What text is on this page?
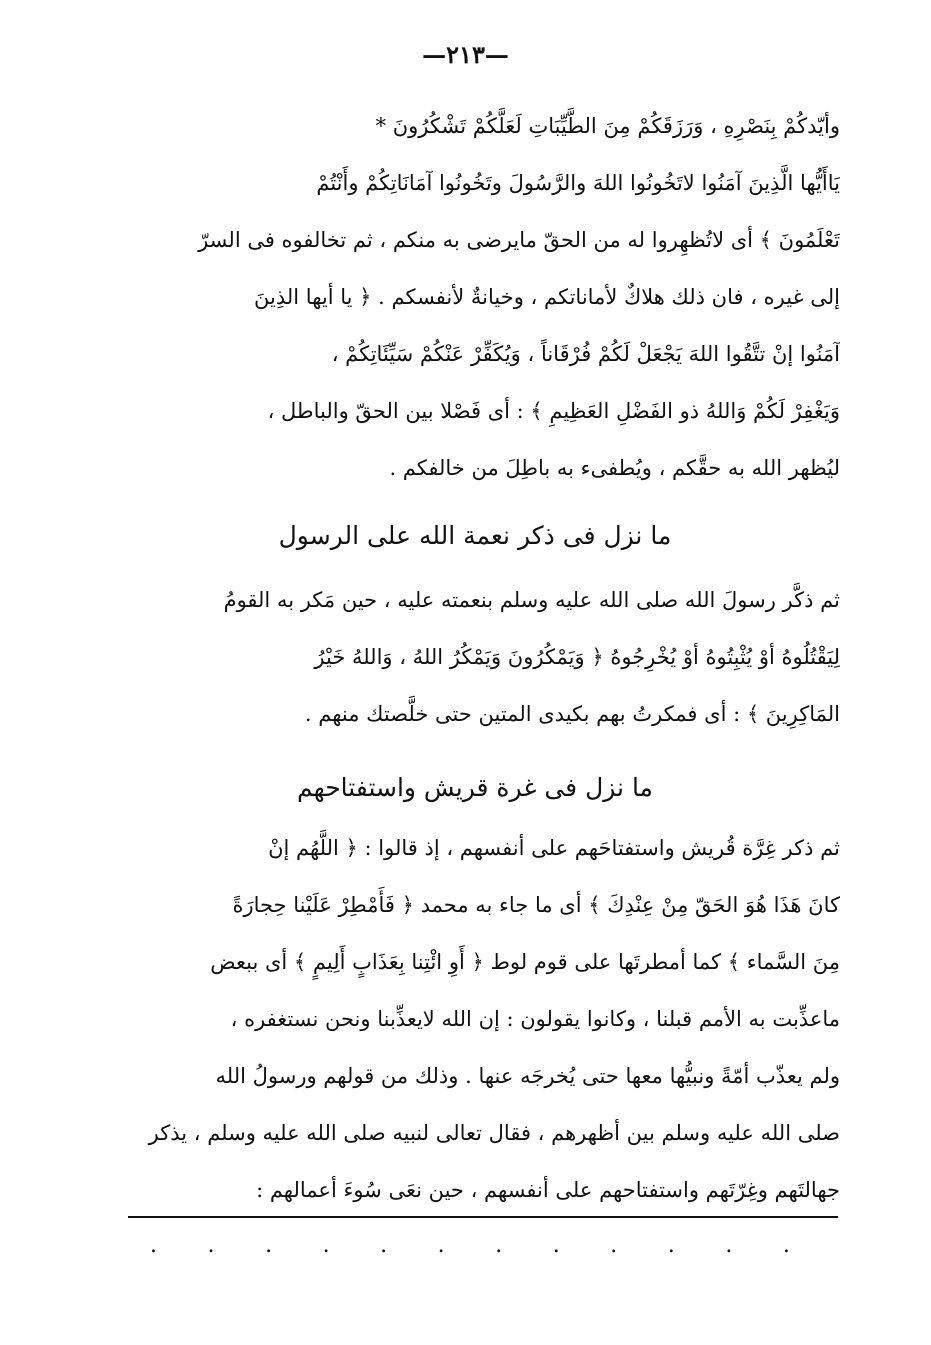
—٢١٣—
وأيّدكُمْ بِنَصْرِهِ ، وَرَزَقَكُمْ مِنَ الطَّيِّبَاتِ لَعَلَّكُمْ تَشْكُرُونَ *
يَاأَيُّها الَّذِينَ آمَنُوا لاتَخُونُوا اللهَ والرَّسُولَ وتَخُونُوا آمَانَاتِكُمْ وأَنْتُمْ
تَعْلَمُونَ ﴾ أى لاتُظهِروا له من الحقّ مايرضى به منكم ، ثم تخالفوه فى السرّ
إلى غيره ، فان ذلك هلاكٌ لأماناتكم ، وخيانةٌ لأنفسكم . ﴿ يا أيها الذِينَ
آمَنُوا إنْ تتَّقُوا اللهَ يَجْعَلْ لَكُمْ فُرْقَاناً ، وَيُكَفِّرْ عَنْكُمْ سَيِّئَاتِكُمْ ،
وَيَغْفِرْ لَكُمْ وَاللهُ ذو الفَضْلِ العَظِيمِ ﴾ : أى فَصْلا بين الحقّ والباطل ،
ليُظهر الله به حقَّكم ، ويُطفىء به باطِلَ من خالفكم .
ما نزل فى ذكر نعمة الله على الرسول
ثم ذكَّر رسولَ الله صلى الله عليه وسلم بنعمته عليه ، حين مَكر به القومُ
لِيَقْتُلُوهُ أوْ يُثْبِتُوهُ أوْ يُخْرِجُوهُ ﴿ وَيَمْكُرُونَ وَيَمْكُرُ اللهُ ، وَاللهُ خَيْرُ
المَاكِرِينَ ﴾ : أى فمكرتُ بهم بكيدى المتين حتى خلَّصتك منهم .
ما نزل فى غرة قريش واستفتاحهم
ثم ذكر غِرَّة قُريش واستفتاحَهم على أنفسهم ، إذ قالوا : ﴿ اللَّهُم إنْ
كانَ هَذَا هُوَ الحَقّ مِنْ عِنْدِكَ ﴾ أى ما جاء به محمد ﴿ فَأَمْطِرْ عَلَيْنا حِجارَةً
مِنَ السَّماء ﴾ كما أمطرتَها على قوم لوط ﴿ أَوِ ائْتِنا بِعَذَابٍ أَلِيمٍ ﴾ أى ببعض
ماعذِّبت به الأمم قبلنا ، وكانوا يقولون : إن الله لايعذِّبنا ونحن نستغفره ،
ولم يعذّب أمّةً ونبيُّها معها حتى يُخرجَه عنها . وذلك من قولهم ورسولُ الله
صلى الله عليه وسلم بين أظهرهم ، فقال تعالى لنبيه صلى الله عليه وسلم ، يذكر
جهالتَهم وغِرّتَهم واستفتاحهم على أنفسهم ، حين نعَى سُوءَ أعمالهم :
. . . . . . . . . . . .
